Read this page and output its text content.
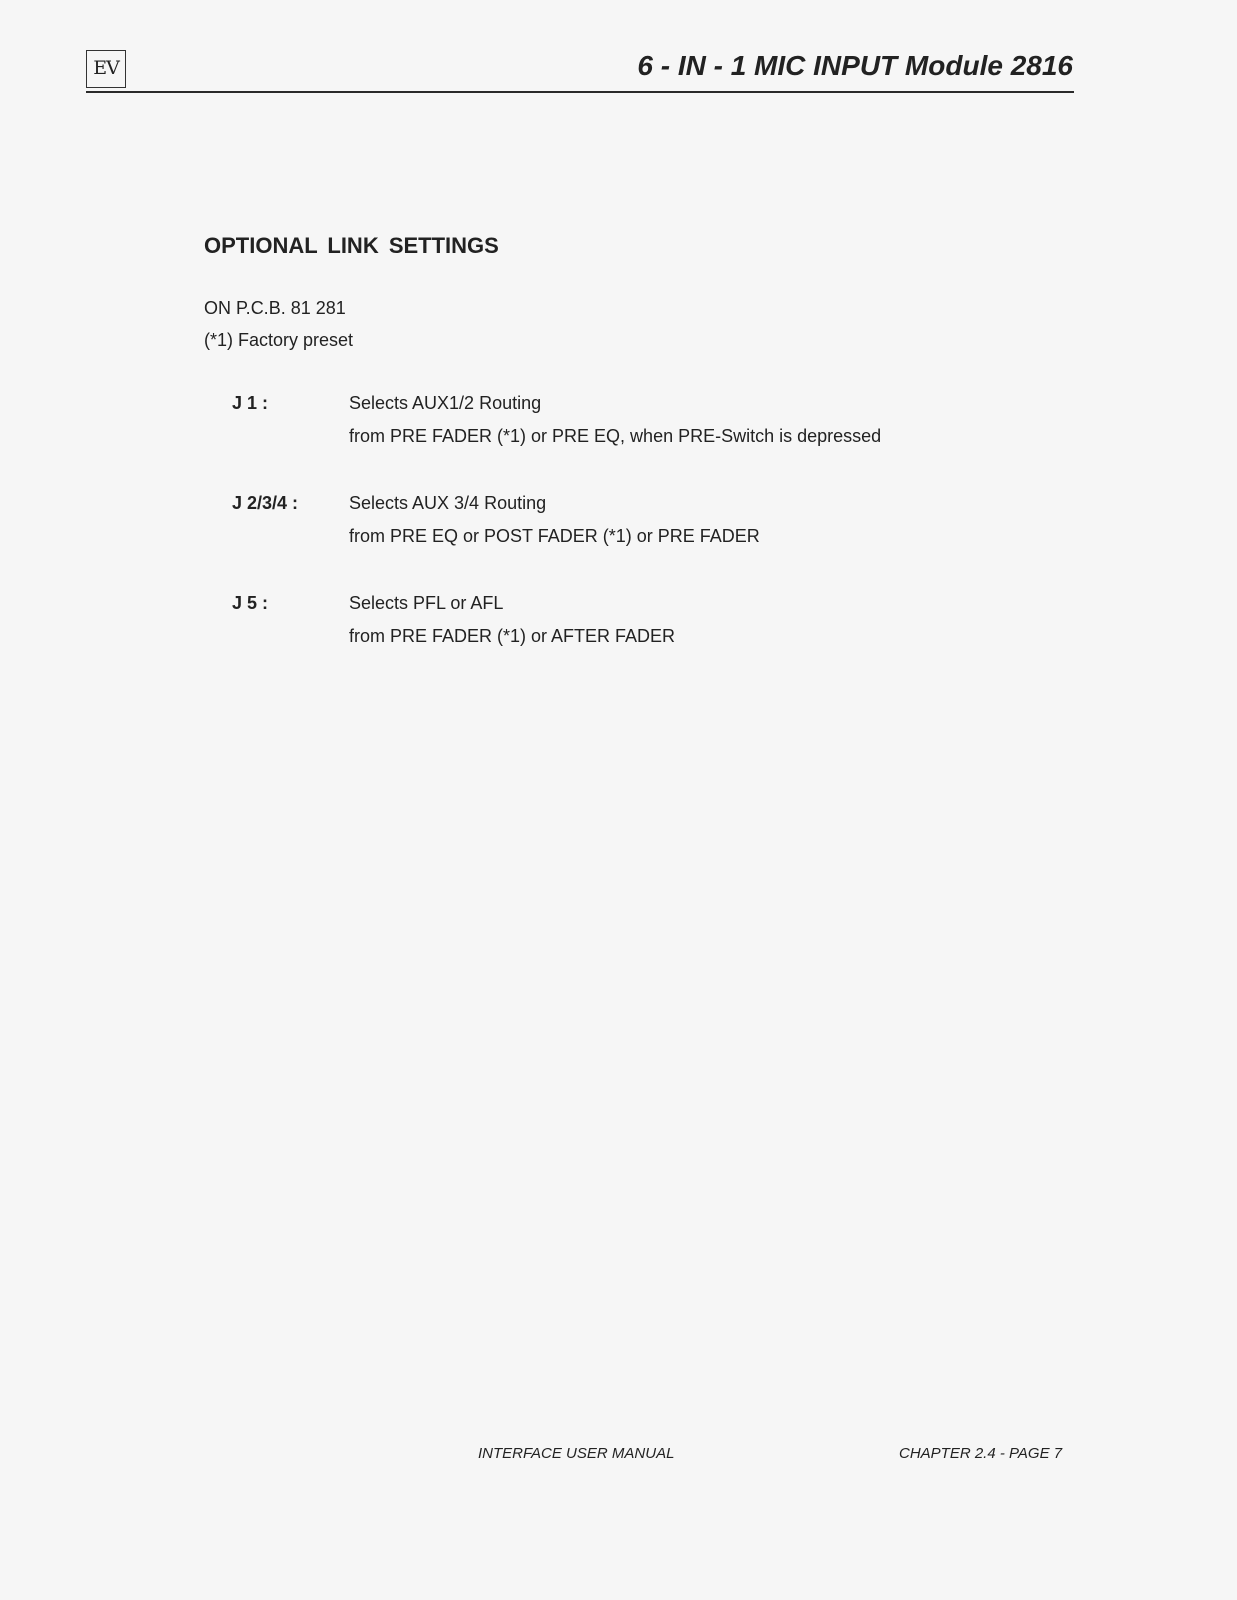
EV	6 - IN - 1 MIC INPUT Module 2816
OPTIONAL LINK SETTINGS
ON P.C.B. 81 281
(*1) Factory preset
J 1 :	Selects AUX1/2 Routing
from PRE FADER (*1) or PRE EQ, when PRE-Switch is depressed
J 2/3/4 :	Selects AUX 3/4 Routing
from PRE EQ or POST FADER (*1) or PRE FADER
J 5 :	Selects PFL or AFL
from PRE FADER (*1) or AFTER FADER
INTERFACE USER MANUAL	CHAPTER 2.4 - PAGE 7
